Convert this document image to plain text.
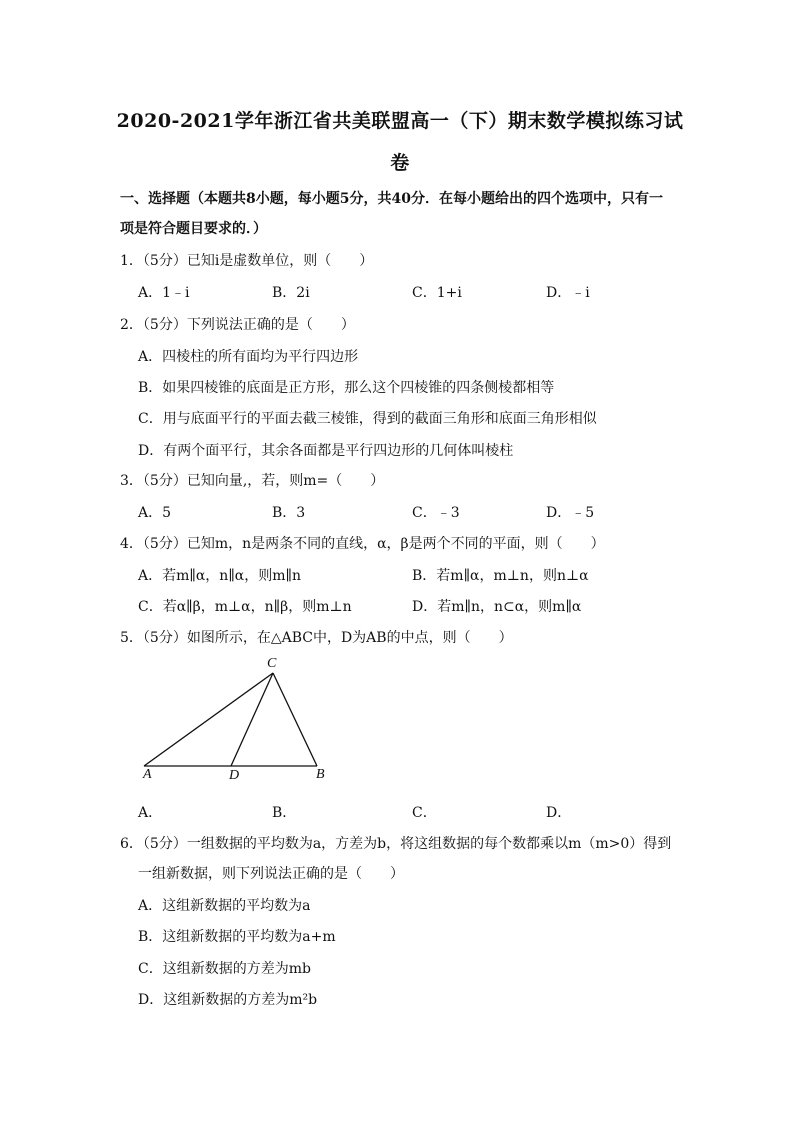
2020-2021学年浙江省共美联盟高一（下）期末数学模拟练习试
卷
一、选择题（本题共8小题，每小题5分，共40分．在每小题给出的四个选项中，只有一
项是符合题目要求的．）
1．（5分）已知i是虚数单位，则（　　）
A．1﹣i	B．2i	C．1+i	D．﹣i
2．（5分）下列说法正确的是（　　）
A．四棱柱的所有面均为平行四边形
B．如果四棱锥的底面是正方形，那么这个四棱锥的四条侧棱都相等
C．用与底面平行的平面去截三棱锥，得到的截面三角形和底面三角形相似
D．有两个面平行，其余各面都是平行四边形的几何体叫棱柱
3．（5分）已知向量,，若，则m=（　　）
A．5	B．3	C．﹣3	D．﹣5
4．（5分）已知m，n是两条不同的直线，α，β是两个不同的平面，则（　　）
A．若m∥α，n∥α，则m∥n	B．若m∥α，m⊥n，则n⊥α
C．若α∥β，m⊥α，n∥β，则m⊥n	D．若m∥n，n⊂α，则m∥α
5．（5分）如图所示，在△ABC中，D为AB的中点，则（　　）
C
A	D	B
A．	B．	C．	D．
6．（5分）一组数据的平均数为a，方差为b，将这组数据的每个数都乘以m（m>0）得到
一组新数据，则下列说法正确的是（　　）
A．这组新数据的平均数为a
B．这组新数据的平均数为a+m
C．这组新数据的方差为mb
D．这组新数据的方差为m²b
